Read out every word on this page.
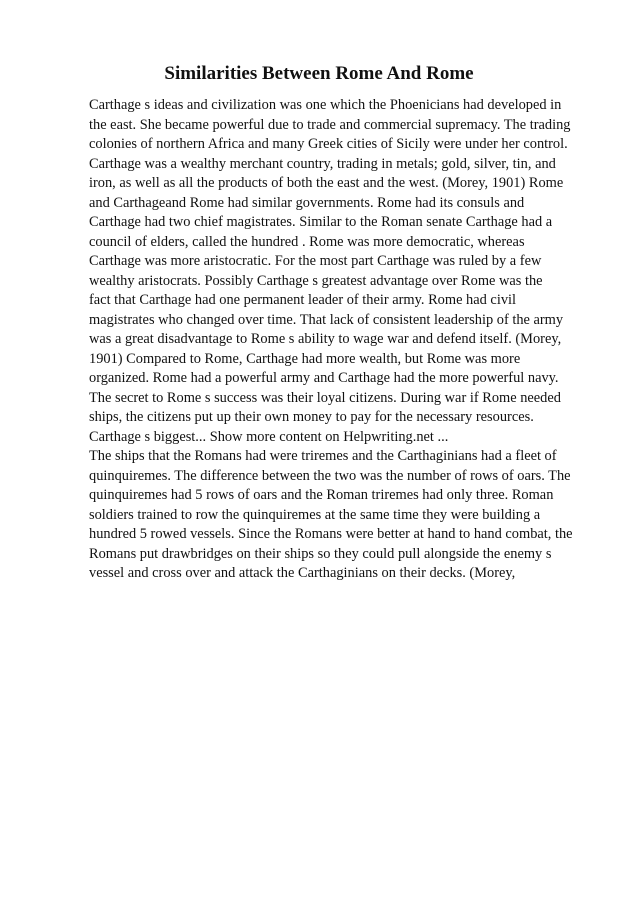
Similarities Between Rome And Rome
Carthage s ideas and civilization was one which the Phoenicians had developed in
the east. She became powerful due to trade and commercial supremacy. The trading
colonies of northern Africa and many Greek cities of Sicily were under her control.
Carthage was a wealthy merchant country, trading in metals; gold, silver, tin, and
iron, as well as all the products of both the east and the west. (Morey, 1901) Rome
and Carthageand Rome had similar governments. Rome had its consuls and
Carthage had two chief magistrates. Similar to the Roman senate Carthage had a
council of elders, called the hundred . Rome was more democratic, whereas
Carthage was more aristocratic. For the most part Carthage was ruled by a few
wealthy aristocrats. Possibly Carthage s greatest advantage over Rome was the
fact that Carthage had one permanent leader of their army. Rome had civil
magistrates who changed over time. That lack of consistent leadership of the army
was a great disadvantage to Rome s ability to wage war and defend itself. (Morey,
1901) Compared to Rome, Carthage had more wealth, but Rome was more
organized. Rome had a powerful army and Carthage had the more powerful navy.
The secret to Rome s success was their loyal citizens. During war if Rome needed
ships, the citizens put up their own money to pay for the necessary resources.
Carthage s biggest... Show more content on Helpwriting.net ...
The ships that the Romans had were triremes and the Carthaginians had a fleet of
quinquiremes. The difference between the two was the number of rows of oars. The
quinquiremes had 5 rows of oars and the Roman triremes had only three. Roman
soldiers trained to row the quinquiremes at the same time they were building a
hundred 5 rowed vessels. Since the Romans were better at hand to hand combat, the
Romans put drawbridges on their ships so they could pull alongside the enemy s
vessel and cross over and attack the Carthaginians on their decks. (Morey,
